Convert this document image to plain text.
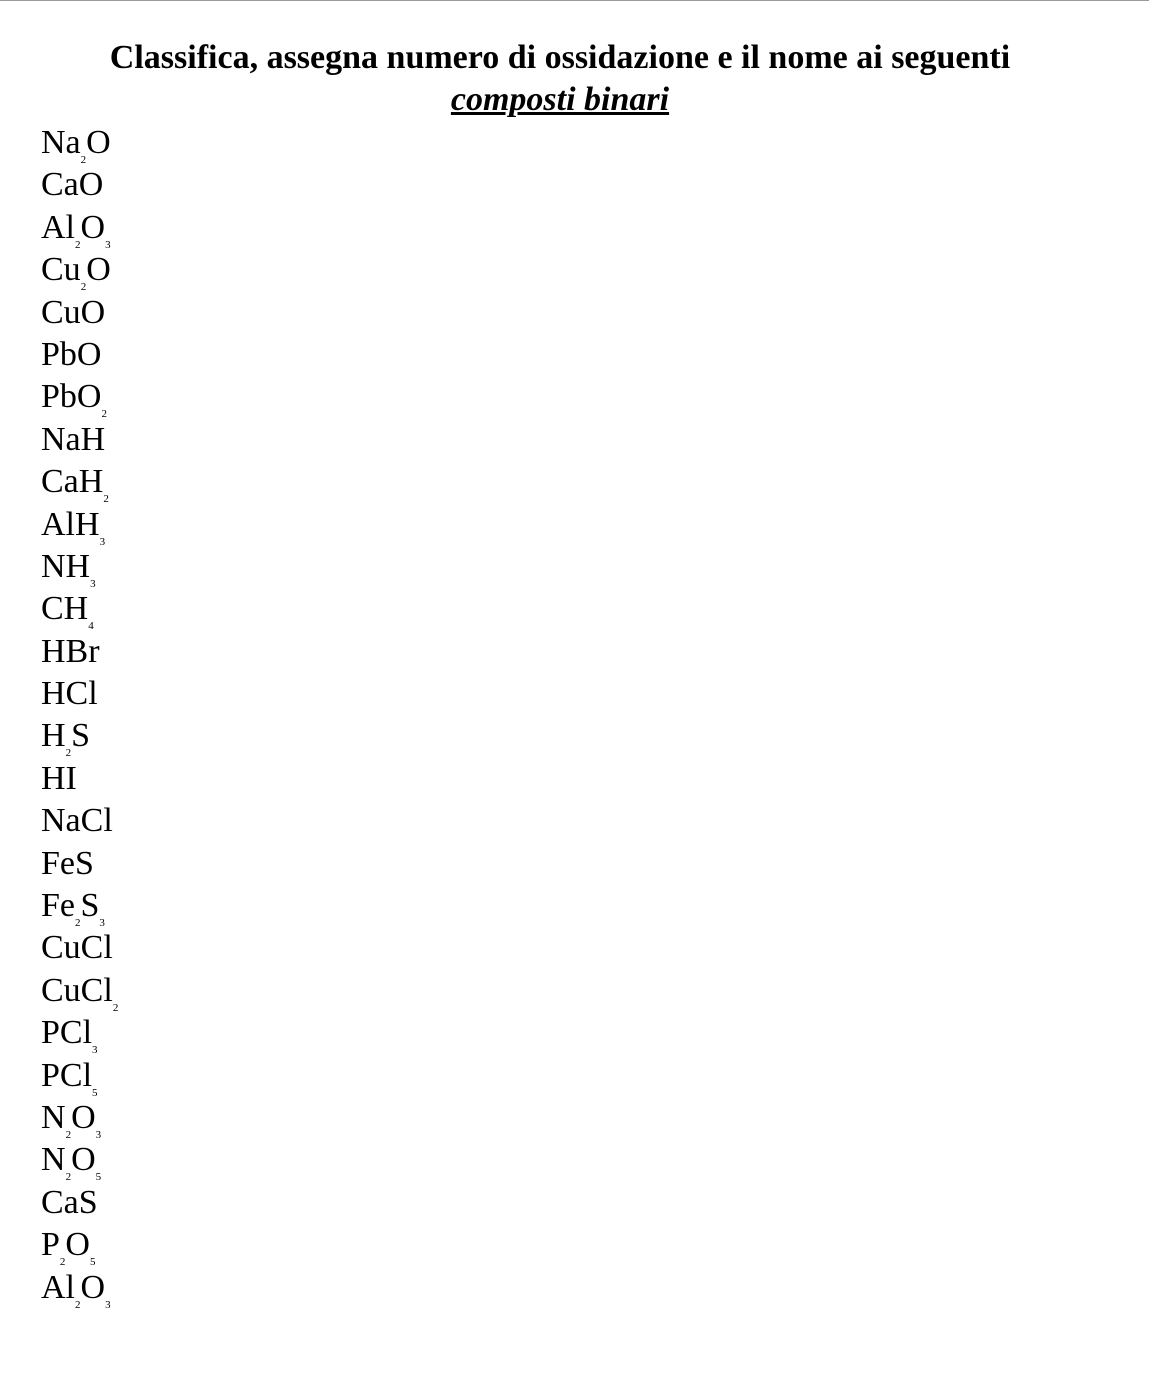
Classifica, assegna numero di ossidazione e il nome ai seguenti
composti binari
$Na_2O$
CaO
$Al_2O_3$
$Cu_2O$
CuO
PbO
PbO$_2$
NaH
CaH$_2$
AlH$_3$
$NH_3$
$CH_4$
HBr
HCl
$H_2S$
HI
NaCl
FeS
$Fe_2S_3$
CuCl
CuCl$_2$
PCl$_3$
PCl$_5$
$N_2O_3$
$N_2O_5$
CaS
$P_2O_5$
$Al_2O_3$
